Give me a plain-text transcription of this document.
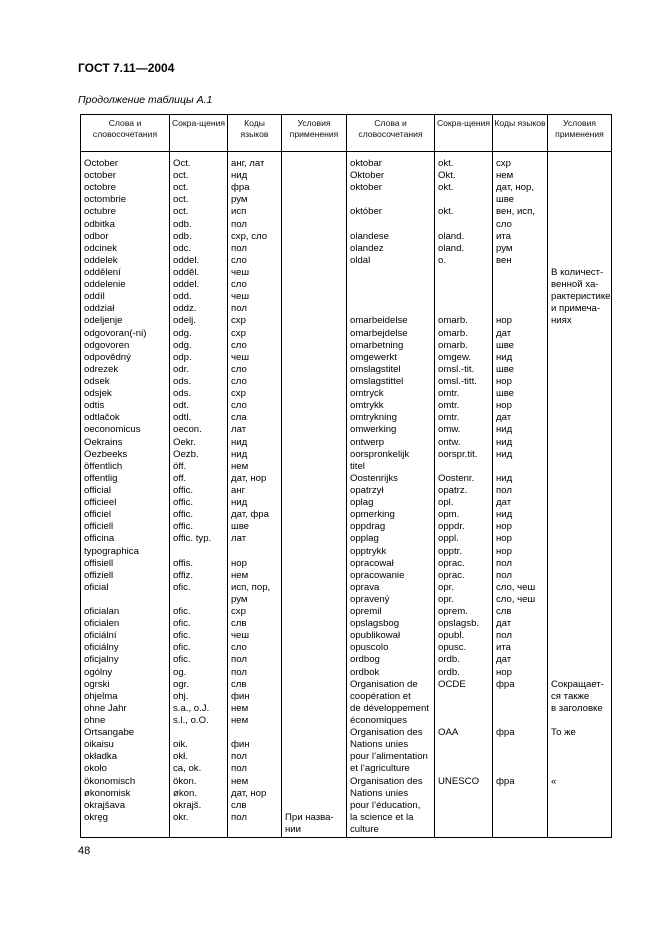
ГОСТ 7.11—2004
Продолжение таблицы А.1
Слова и словосочетания	Сокра-щения	Коды языков	Условия применения	Слова и словосочетания	Сокра-щения	Коды языков	Условия применения

October	Oct.	анг, лат		oktobar	okt.	схр	
october	oct.	нид		Oktober	Okt.	нем	
octobre	oct.	фра		oktober	okt.	дат, нор,	
octombrie	oct.	рум				шве	
octubre	oct.	исп		október	okt.	вен, исп,	
odbitka	odb.	пол				сло	
odbor	odb.	схр, сло		olandese	oland.	ита	
odcinek	odc.	пол		olandez	oland.	рум	
oddelek	oddel.	сло		oldal	o.	вен	
oddělení	odděl.	чеш					В количест-
oddelenie	oddel.	сло					венной ха-
oddíl	odd.	чеш					рактеристике
oddział	oddz.	пол					и примеча-
odeljenje	odelj.	схр		omarbeidelse	omarb.	нор	ниях
odgovoran(-ni)	odg.	схр		omarbejdelse	omarb.	дат	
odgovoren	odg.	сло		omarbetning	omarb.	шве	
odpovědný	odp.	чеш		omgewerkt	omgew.	нид	
odrezek	odr.	сло		omslagstitel	omsl.-tit.	шве	
odsek	ods.	сло		omslagstittel	omsl.-titt.	нор	
odsjek	ods.	схр		omtryck	omtr.	шве	
odtis	odt.	сло		omtrykk	omtr.	нор	
odtlačok	odtl.	сла		omtrykning	omtr.	дат	
oeconomicus	oecon.	лат		omwerking	omw.	нид	
Oekrains	Oekr.	нид		ontwerp	ontw.	нид	
Oezbeeks	Oezb.	нид		oorspronkelijk	oorspr.tit.	нид	
öffentlich	öff.	нем		titel			
offentlig	off.	дат, нор		Oostenrijks	Oostenr.	нид	
official	offic.	анг		opatrzył	opatrz.	пол	
officieel	offic.	нид		oplag	opl.	дат	
officiel	offic.	дат, фра		opmerking	opm.	нид	
officiell	offic.	шве		oppdrag	oppdr.	нор	
officina	offic. typ.	лат		opplag	oppl.	нор	
typographica				opptrykk	opptr.	нор	
offisiell	offis.	нор		opracował	oprac.	пол	
offiziell	offiz.	нем		opracowanie	oprac.	пол	
oficial	ofic.	исп, пор,		oprava	opr.	сло, чеш	
		рум		opravený	opr.	сло, чеш	
oficialan	ofic.	схр		opremil	oprem.	слв	
oficialen	ofic.	слв		opslagsbog	opslagsb.	дат	
oficiální	ofic.	чеш		opublikował	opubl.	пол	
oficiálny	ofic.	сло		opuscolo	opusc.	ита	
oficjalny	ofic.	пол		ordbog	ordb.	дат	
ogólny	og.	пол		ordbok	ordb.	нор	
ogrski	ogr.	слв		Organisation de	OCDE	фра	Сокращает-
ohjelma	ohj.	фин		coopération et			ся также
ohne Jahr	s.a., o.J.	нем		de développement			в заголовке
ohne	s.l., o.O.	нем		économiques			
Ortsangabe				Organisation des	OAA	фра	То же
oikaisu	oik.	фин		Nations unies			
okładka	okł.	пол		pour l’alimentation			
około	ca, ok.	пол		et l’agriculture			
ökonomisch	ökon.	нем		Organisation des	UNESCO	фра	«
økonomisk	økon.	дат, нор		Nations unies			
okrajšava	okrajš.	слв		pour l’éducation,			
okręg	okr.	пол	При назва-	la science et la			
			нии	culture			
48
